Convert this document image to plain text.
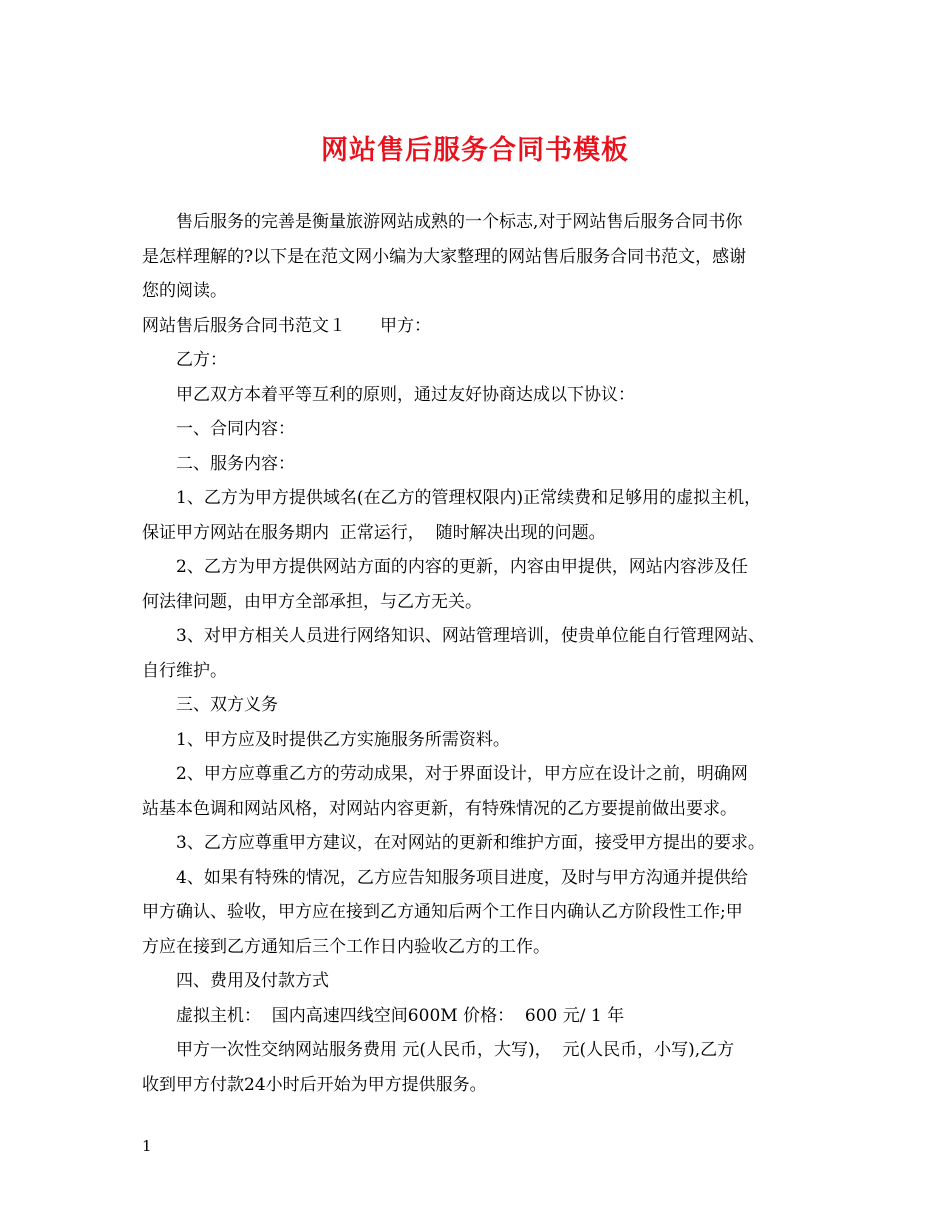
网站售后服务合同书模板
售后服务的完善是衡量旅游网站成熟的一个标志,对于网站售后服务合同书你
是怎样理解的?以下是在范文网小编为大家整理的网站售后服务合同书范文，感谢
您的阅读。
网站售后服务合同书范文１　　甲方：
乙方：
甲乙双方本着平等互利的原则，通过友好协商达成以下协议：
一、合同内容：
二、服务内容：
1、乙方为甲方提供域名(在乙方的管理权限内)正常续费和足够用的虚拟主机，
保证甲方网站在服务期内  正常运行，  随时解决出现的问题。
2、乙方为甲方提供网站方面的内容的更新，内容由甲提供，网站内容涉及任
何法律问题，由甲方全部承担，与乙方无关。
3、对甲方相关人员进行网络知识、网站管理培训，使贵单位能自行管理网站、
自行维护。
三、双方义务
1、甲方应及时提供乙方实施服务所需资料。
2、甲方应尊重乙方的劳动成果，对于界面设计，甲方应在设计之前，明确网
站基本色调和网站风格，对网站内容更新，有特殊情况的乙方要提前做出要求。
3、乙方应尊重甲方建议，在对网站的更新和维护方面，接受甲方提出的要求。
4、如果有特殊的情况，乙方应告知服务项目进度，及时与甲方沟通并提供给
甲方确认、验收，甲方应在接到乙方通知后两个工作日内确认乙方阶段性工作;甲
方应在接到乙方通知后三个工作日内验收乙方的工作。
四、费用及付款方式
虚拟主机：  国内高速四线空间600M 价格：  600 元/ 1 年
甲方一次性交纳网站服务费用 元(人民币，大写)，  元(人民币，小写),乙方
收到甲方付款24小时后开始为甲方提供服务。
1
